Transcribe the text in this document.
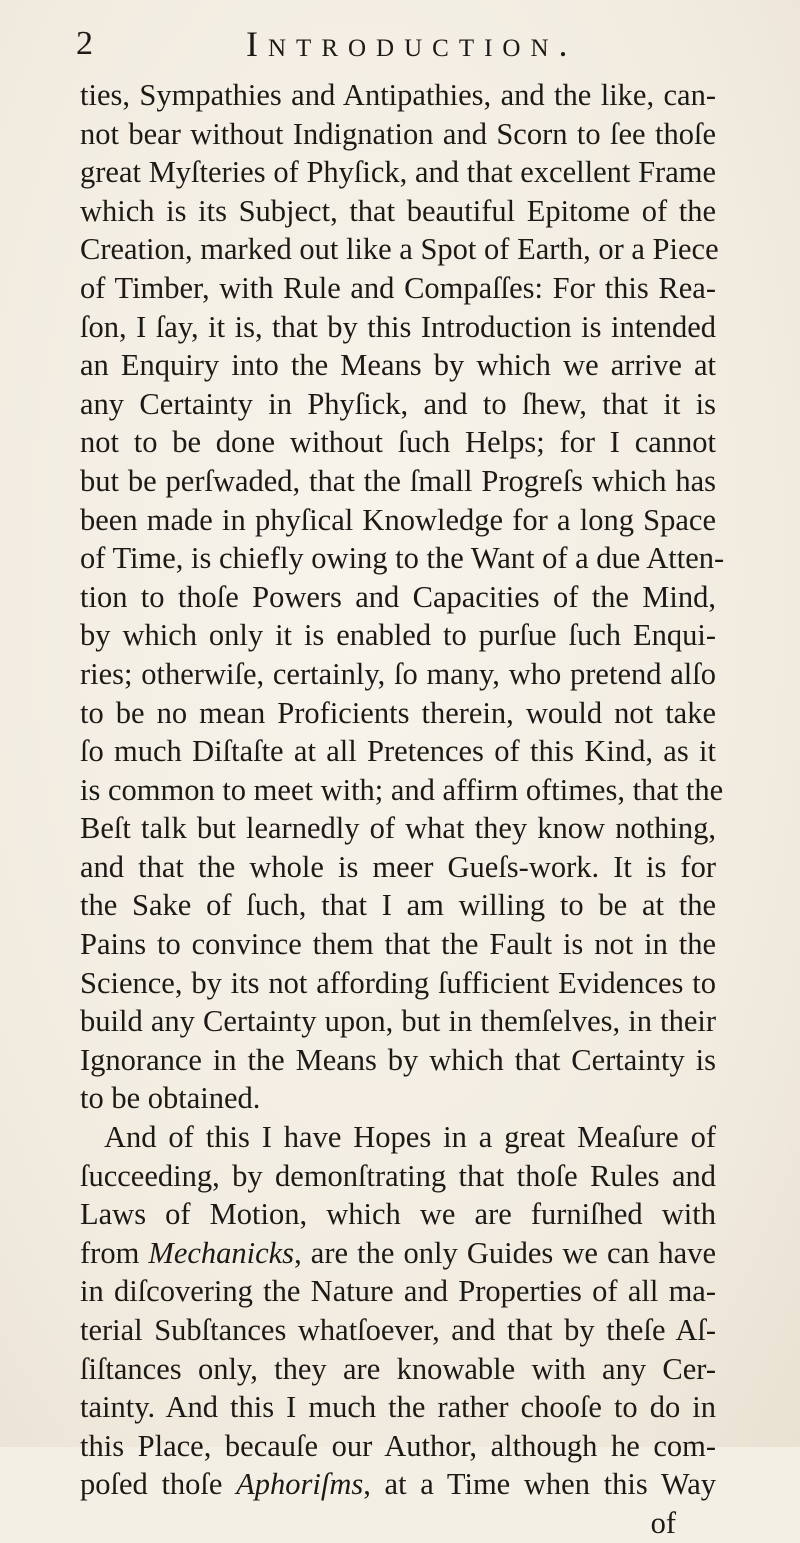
2	Introduction.
ties, Sympathies and Antipathies, and the like, can-
not bear without Indignation and Scorn to ſee thoſe
great Myſteries of Phyſick, and that excellent Frame
which is its Subject, that beautiful Epitome of the
Creation, marked out like a Spot of Earth, or a Piece
of Timber, with Rule and Compaſſes: For this Rea-
ſon, I ſay, it is, that by this Introduction is intended
an Enquiry into the Means by which we arrive at
any Certainty in Phyſick, and to ſhew, that it is
not to be done without ſuch Helps; for I cannot
but be perſwaded, that the ſmall Progreſs which has
been made in phyſical Knowledge for a long Space
of Time, is chiefly owing to the Want of a due Atten-
tion to thoſe Powers and Capacities of the Mind,
by which only it is enabled to purſue ſuch Enqui-
ries; otherwiſe, certainly, ſo many, who pretend alſo
to be no mean Proficients therein, would not take
ſo much Diſtaſte at all Pretences of this Kind, as it
is common to meet with; and affirm oftimes, that the
Beſt talk but learnedly of what they know nothing,
and that the whole is meer Gueſs-work. It is for
the Sake of ſuch, that I am willing to be at the
Pains to convince them that the Fault is not in the
Science, by its not affording ſufficient Evidences to
build any Certainty upon, but in themſelves, in their
Ignorance in the Means by which that Certainty is
to be obtained.
And of this I have Hopes in a great Meaſure of
ſucceeding, by demonſtrating that thoſe Rules and
Laws of Motion, which we are furniſhed with
from Mechanicks, are the only Guides we can have
in diſcovering the Nature and Properties of all ma-
terial Subſtances whatſoever, and that by theſe Aſ-
ſiſtances only, they are knowable with any Cer-
tainty. And this I much the rather chooſe to do in
this Place, becauſe our Author, although he com-
poſed thoſe Aphoriſms, at a Time when this Way
of
